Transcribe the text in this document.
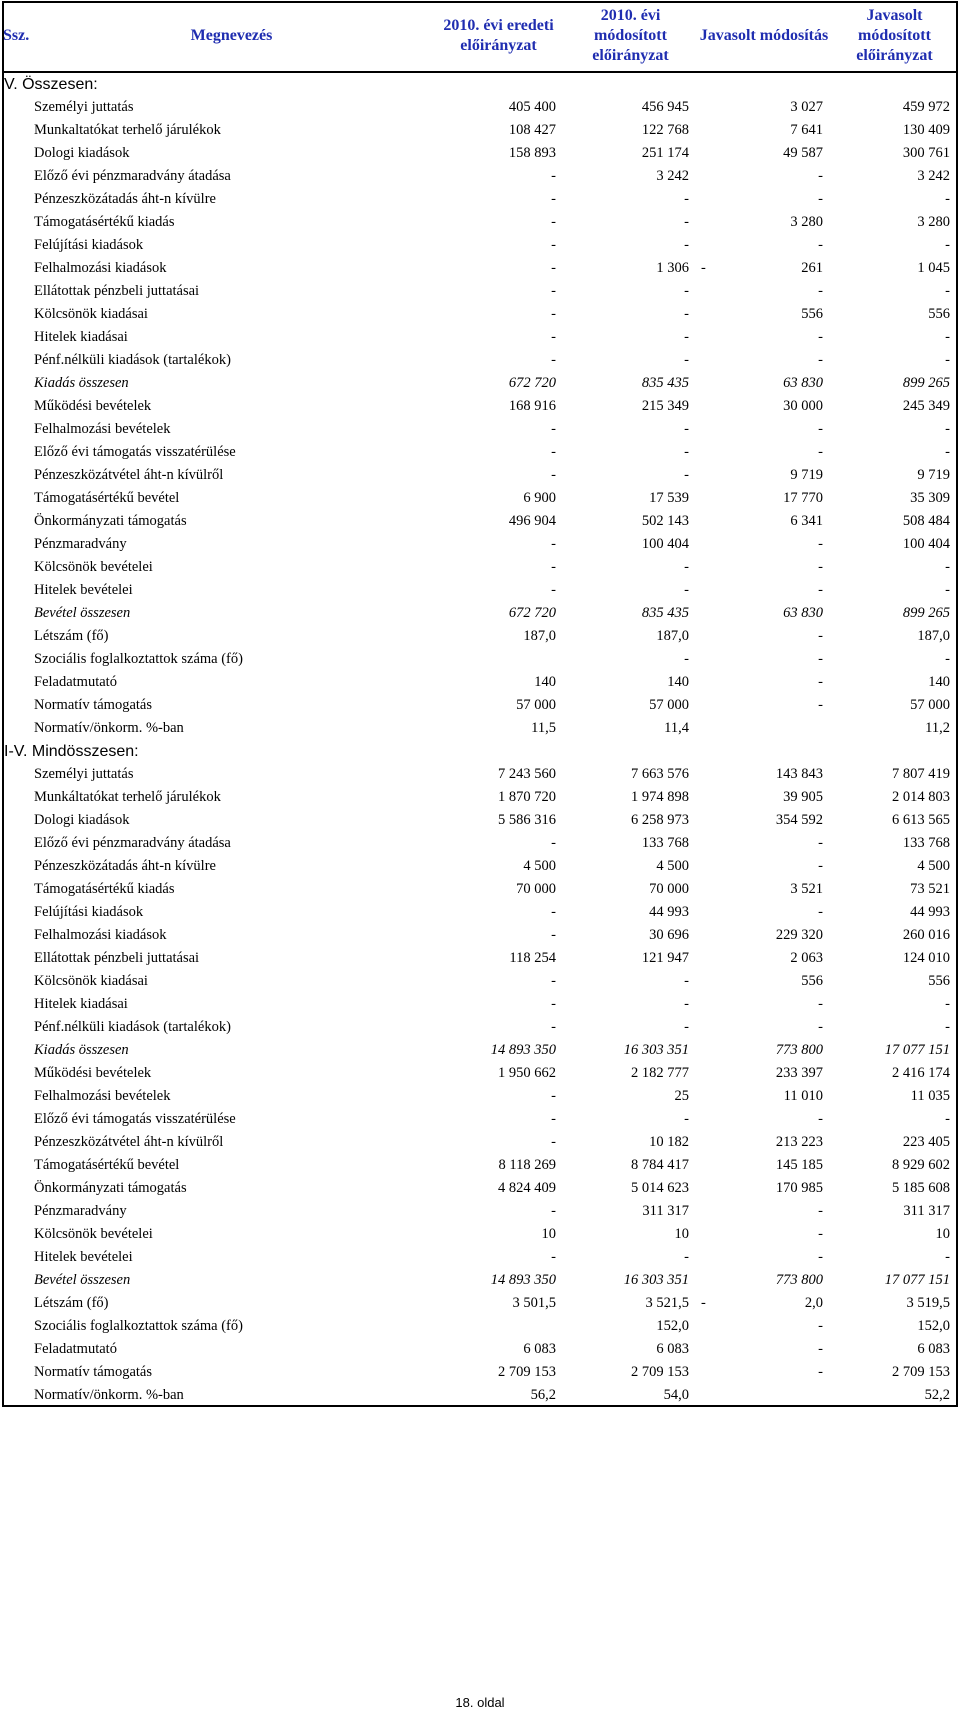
Ssz.	Megnevezés	2010. évi eredeti előirányzat	2010. évi módosított előirányzat	Javasolt módosítás	Javasolt módosított előirányzat
V. Összesen:					
	Személyi juttatás	405 400	456 945	3 027	459 972
	Munkaltatókat terhelő járulékok	108 427	122 768	7 641	130 409
	Dologi kiadások	158 893	251 174	49 587	300 761
	Előző évi pénzmaradvány átadása	-	3 242	-	3 242
	Pénzeszközátadás áht-n kívülre	-	-	-	-
	Támogatásértékű kiadás	-	-	3 280	3 280
	Felújítási kiadások	-	-	-	-
	Felhalmozási kiadások	-	1 306	- 261	1 045
	Ellátottak pénzbeli juttatásai	-	-	-	-
	Kölcsönök kiadásai	-	-	556	556
	Hitelek kiadásai	-	-	-	-
	Pénf.nélküli kiadások (tartalékok)	-	-	-	-
	Kiadás összesen	672 720	835 435	63 830	899 265
	Működési bevételek	168 916	215 349	30 000	245 349
	Felhalmozási bevételek	-	-	-	-
	Előző évi támogatás visszatérülése	-	-	-	-
	Pénzeszközátvétel áht-n kívülről	-	-	9 719	9 719
	Támogatásértékű bevétel	6 900	17 539	17 770	35 309
	Önkormányzati támogatás	496 904	502 143	6 341	508 484
	Pénzmaradvány	-	100 404	-	100 404
	Kölcsönök bevételei	-	-	-	-
	Hitelek bevételei	-	-	-	-
	Bevétel összesen	672 720	835 435	63 830	899 265
	Létszám (fő)	187,0	187,0	-	187,0
	Szociális foglalkoztattok száma (fő)		-	-	-
	Feladatmutató	140	140	-	140
	Normatív támogatás	57 000	57 000	-	57 000
	Normatív/önkorm. %-ban	11,5	11,4		11,2
I-V. Mindösszesen:					
	Személyi juttatás	7 243 560	7 663 576	143 843	7 807 419
	Munkáltatókat terhelő járulékok	1 870 720	1 974 898	39 905	2 014 803
	Dologi kiadások	5 586 316	6 258 973	354 592	6 613 565
	Előző évi pénzmaradvány átadása	-	133 768	-	133 768
	Pénzeszközátadás áht-n kívülre	4 500	4 500	-	4 500
	Támogatásértékű kiadás	70 000	70 000	3 521	73 521
	Felújítási kiadások	-	44 993	-	44 993
	Felhalmozási kiadások	-	30 696	229 320	260 016
	Ellátottak pénzbeli juttatásai	118 254	121 947	2 063	124 010
	Kölcsönök kiadásai	-	-	556	556
	Hitelek kiadásai	-	-	-	-
	Pénf.nélküli kiadások (tartalékok)	-	-	-	-
	Kiadás összesen	14 893 350	16 303 351	773 800	17 077 151
	Működési bevételek	1 950 662	2 182 777	233 397	2 416 174
	Felhalmozási bevételek	-	25	11 010	11 035
	Előző évi támogatás visszatérülése	-	-	-	-
	Pénzeszközátvétel áht-n kívülről	-	10 182	213 223	223 405
	Támogatásértékű bevétel	8 118 269	8 784 417	145 185	8 929 602
	Önkormányzati támogatás	4 824 409	5 014 623	170 985	5 185 608
	Pénzmaradvány	-	311 317	-	311 317
	Kölcsönök bevételei	10	10	-	10
	Hitelek bevételei	-	-	-	-
	Bevétel összesen	14 893 350	16 303 351	773 800	17 077 151
	Létszám (fő)	3 501,5	3 521,5	- 2,0	3 519,5
	Szociális foglalkoztattok száma (fő)		152,0	-	152,0
	Feladatmutató	6 083	6 083	-	6 083
	Normatív támogatás	2 709 153	2 709 153	-	2 709 153
	Normatív/önkorm. %-ban	56,2	54,0		52,2
18. oldal
